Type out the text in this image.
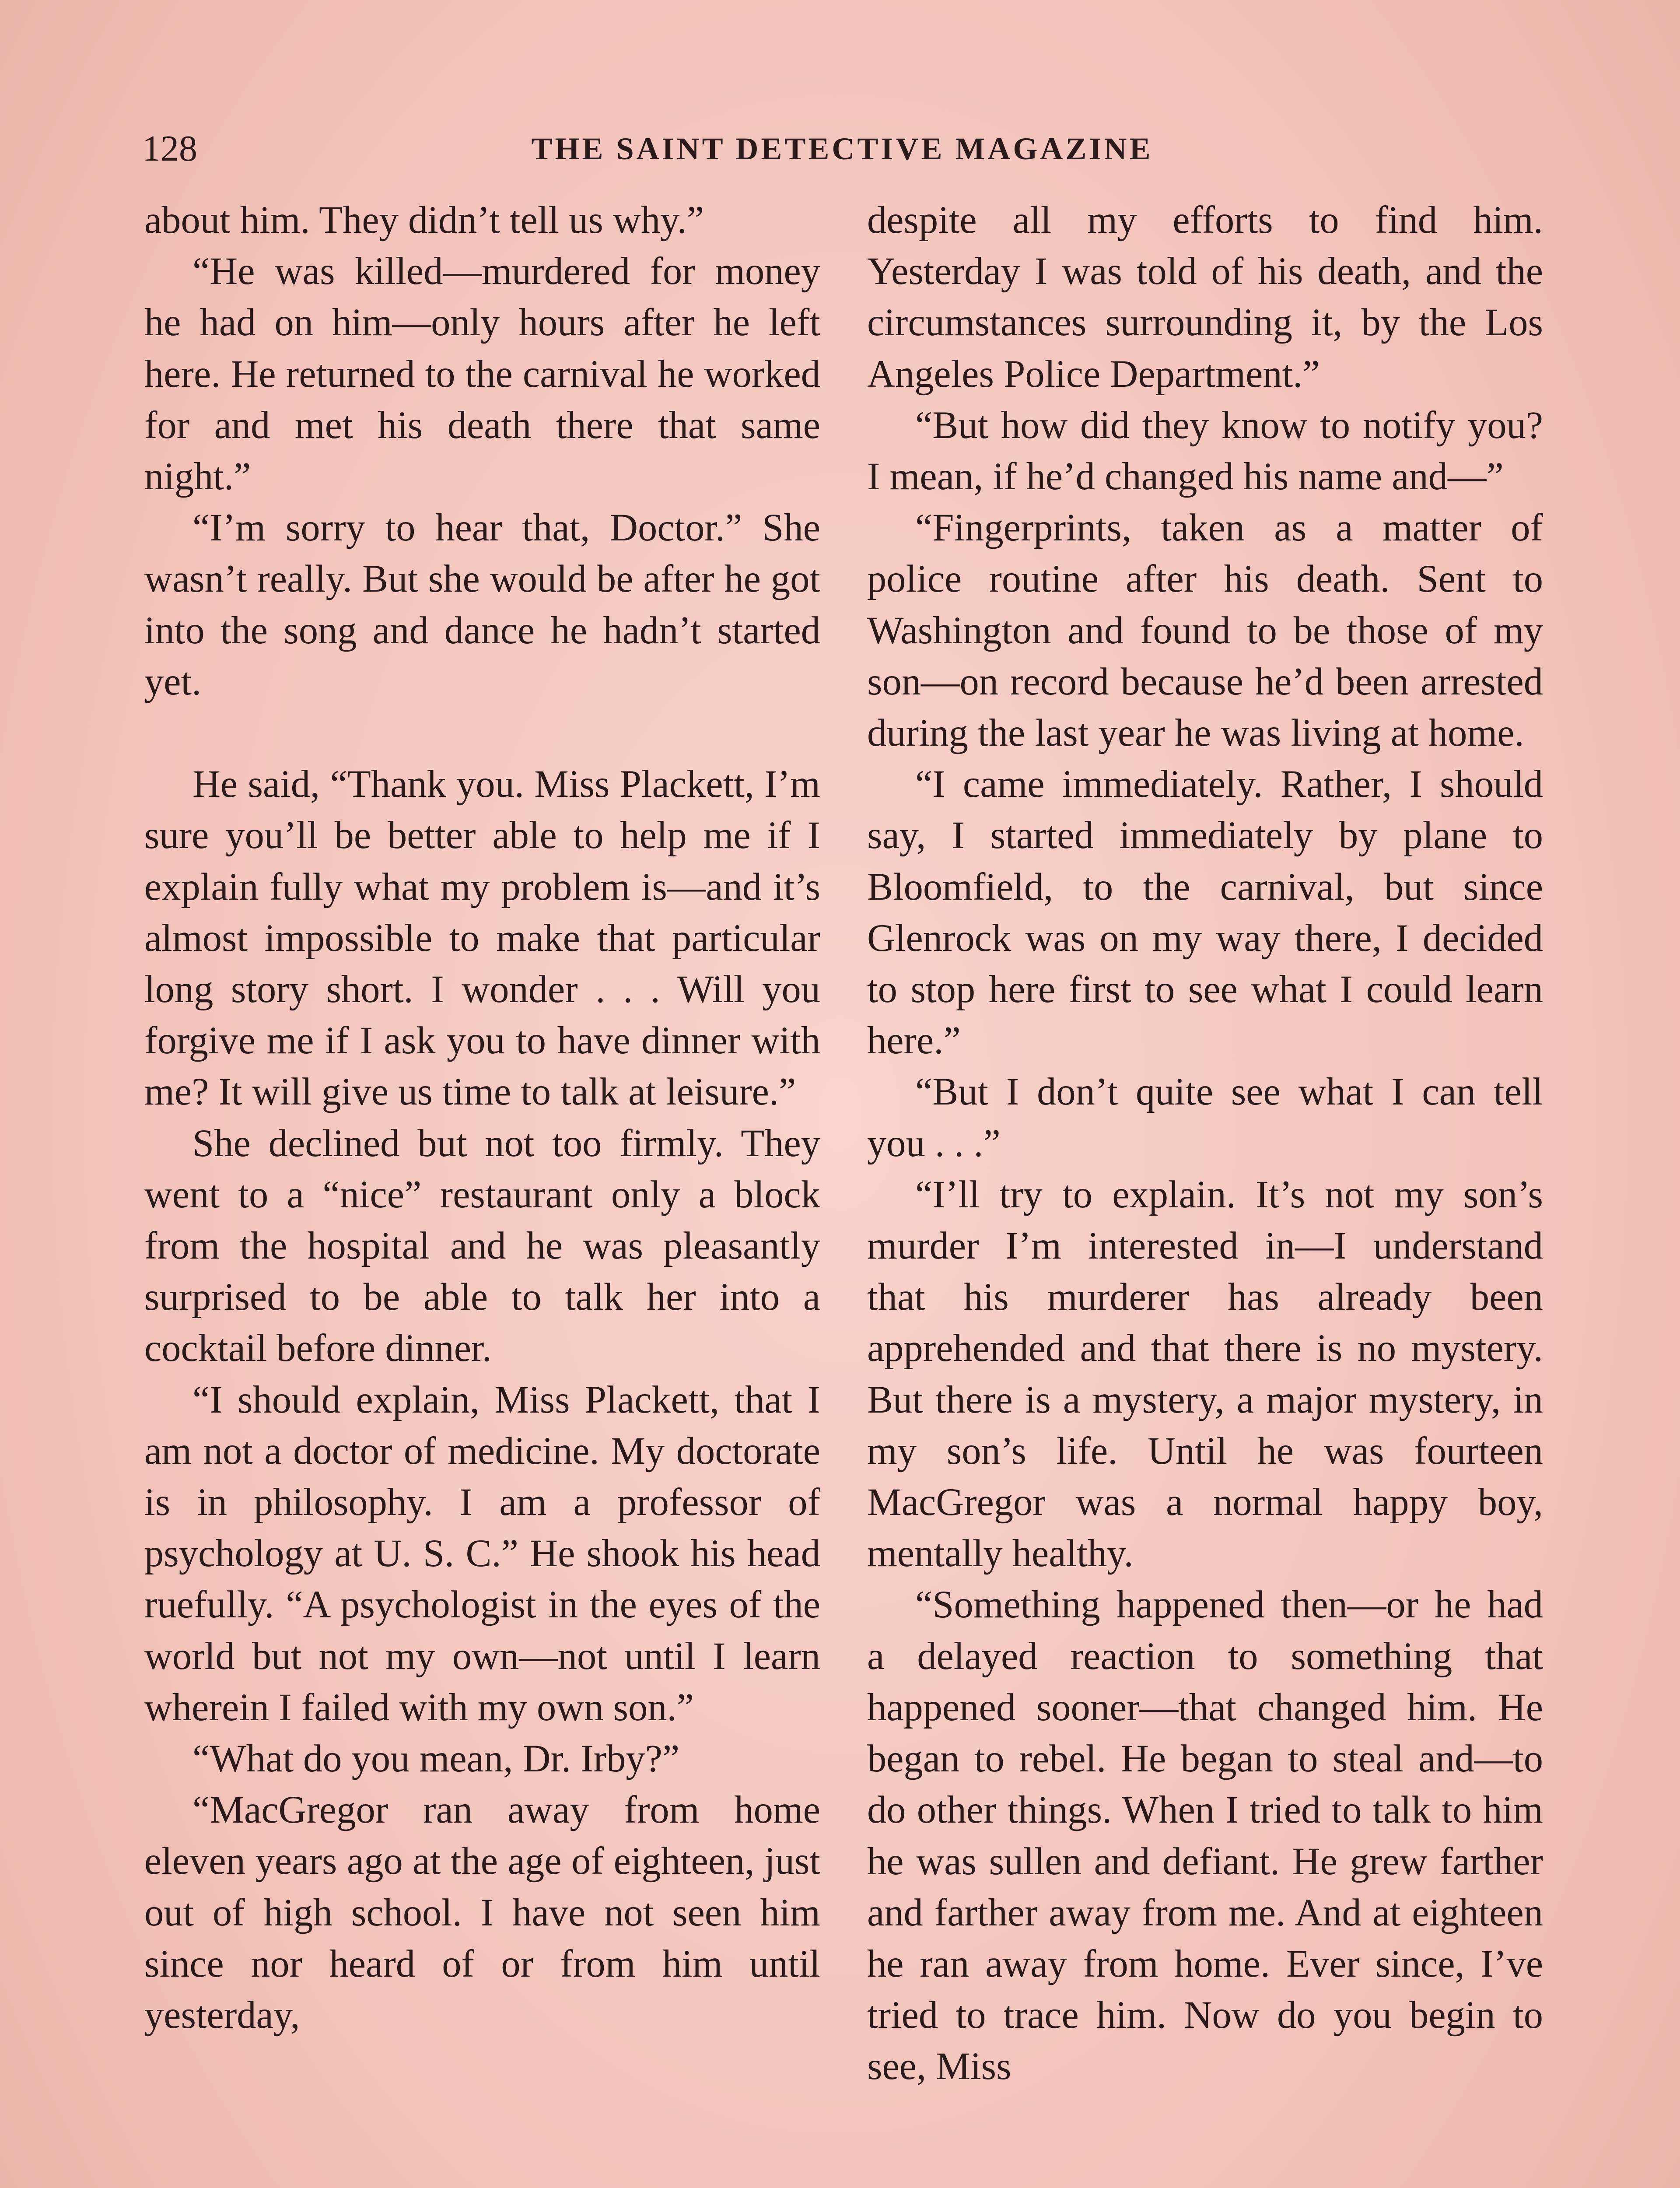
128	THE SAINT DETECTIVE MAGAZINE

about him. They didn’t tell us why.”

“He was killed—murdered for money he had on him—only hours after he left here. He returned to the carnival he worked for and met his death there that same night.”

“I’m sorry to hear that, Doctor.” She wasn’t really. But she would be after he got into the song and dance he hadn’t started yet.

He said, “Thank you. Miss Plackett, I’m sure you’ll be better able to help me if I explain fully what my problem is—and it’s almost impossible to make that particular long story short. I wonder . . . Will you forgive me if I ask you to have dinner with me? It will give us time to talk at leisure.”

She declined but not too firmly. They went to a “nice” restaurant only a block from the hospital and he was pleasantly surprised to be able to talk her into a cocktail before dinner.

“I should explain, Miss Plackett, that I am not a doctor of medicine. My doctorate is in philosophy. I am a professor of psychology at U. S. C.” He shook his head ruefully. “A psychologist in the eyes of the world but not my own—not until I learn wherein I failed with my own son.”

“What do you mean, Dr. Irby?”

“MacGregor ran away from home eleven years ago at the age of eighteen, just out of high school. I have not seen him since nor heard of or from him until yesterday,

despite all my efforts to find him. Yesterday I was told of his death, and the circumstances surrounding it, by the Los Angeles Police Department.”

“But how did they know to notify you? I mean, if he’d changed his name and—”

“Fingerprints, taken as a matter of police routine after his death. Sent to Washington and found to be those of my son—on record because he’d been arrested during the last year he was living at home.

“I came immediately. Rather, I should say, I started immediately by plane to Bloomfield, to the carnival, but since Glenrock was on my way there, I decided to stop here first to see what I could learn here.”

“But I don’t quite see what I can tell you . . .”

“I’ll try to explain. It’s not my son’s murder I’m interested in—I understand that his murderer has already been apprehended and that there is no mystery. But there is a mystery, a major mystery, in my son’s life. Until he was fourteen MacGregor was a normal happy boy, mentally healthy.

“Something happened then—or he had a delayed reaction to something that happened sooner—that changed him. He began to rebel. He began to steal and—to do other things. When I tried to talk to him he was sullen and defiant. He grew farther and farther away from me. And at eighteen he ran away from home. Ever since, I’ve tried to trace him. Now do you begin to see, Miss
